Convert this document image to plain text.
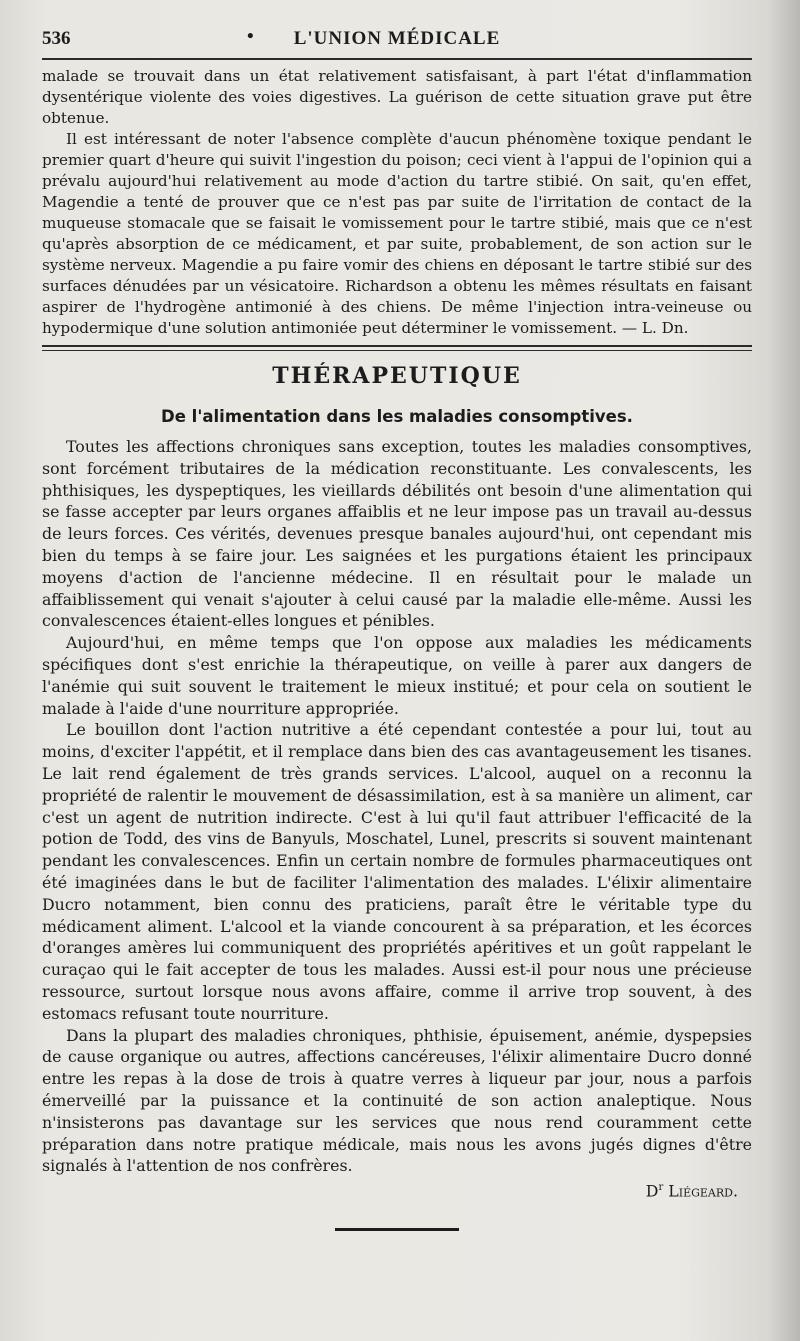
536	•	L'UNION MÉDICALE

malade se trouvait dans un état relativement satisfaisant, à part l'état d'inflammation dysentérique violente des voies digestives. La guérison de cette situation grave put être obtenue.

Il est intéressant de noter l'absence complète d'aucun phénomène toxique pendant le premier quart d'heure qui suivit l'ingestion du poison; ceci vient à l'appui de l'opinion qui a prévalu aujourd'hui relativement au mode d'action du tartre stibié. On sait, qu'en effet, Magendie a tenté de prouver que ce n'est pas par suite de l'irritation de contact de la muqueuse stomacale que se faisait le vomissement pour le tartre stibié, mais que ce n'est qu'après absorption de ce médicament, et par suite, probablement, de son action sur le système nerveux. Magendie a pu faire vomir des chiens en déposant le tartre stibié sur des surfaces dénudées par un vésicatoire. Richardson a obtenu les mêmes résultats en faisant aspirer de l'hydrogène antimonié à des chiens. De même l'injection intra-veineuse ou hypodermique d'une solution antimoniée peut déterminer le vomissement. — L. Dn.

THÉRAPEUTIQUE
De l'alimentation dans les maladies consomptives.

Toutes les affections chroniques sans exception, toutes les maladies consomptives, sont forcément tributaires de la médication reconstituante. Les convalescents, les phthisiques, les dyspeptiques, les vieillards débilités ont besoin d'une alimentation qui se fasse accepter par leurs organes affaiblis et ne leur impose pas un travail au-dessus de leurs forces. Ces vérités, devenues presque banales aujourd'hui, ont cependant mis bien du temps à se faire jour. Les saignées et les purgations étaient les principaux moyens d'action de l'ancienne médecine. Il en résultait pour le malade un affaiblissement qui venait s'ajouter à celui causé par la maladie elle-même. Aussi les convalescences étaient-elles longues et pénibles.

Aujourd'hui, en même temps que l'on oppose aux maladies les médicaments spécifiques dont s'est enrichie la thérapeutique, on veille à parer aux dangers de l'anémie qui suit souvent le traitement le mieux institué; et pour cela on soutient le malade à l'aide d'une nourriture appropriée.

Le bouillon dont l'action nutritive a été cependant contestée a pour lui, tout au moins, d'exciter l'appétit, et il remplace dans bien des cas avantageusement les tisanes. Le lait rend également de très grands services. L'alcool, auquel on a reconnu la propriété de ralentir le mouvement de désassimilation, est à sa manière un aliment, car c'est un agent de nutrition indirecte. C'est à lui qu'il faut attribuer l'efficacité de la potion de Todd, des vins de Banyuls, Moschatel, Lunel, prescrits si souvent maintenant pendant les convalescences. Enfin un certain nombre de formules pharmaceutiques ont été imaginées dans le but de faciliter l'alimentation des malades. L'élixir alimentaire Ducro notamment, bien connu des praticiens, paraît être le véritable type du médicament aliment. L'alcool et la viande concourent à sa préparation, et les écorces d'oranges amères lui communiquent des propriétés apéritives et un goût rappelant le curaçao qui le fait accepter de tous les malades. Aussi est-il pour nous une précieuse ressource, surtout lorsque nous avons affaire, comme il arrive trop souvent, à des estomacs refusant toute nourriture.

Dans la plupart des maladies chroniques, phthisie, épuisement, anémie, dyspepsies de cause organique ou autres, affections cancéreuses, l'élixir alimentaire Ducro donné entre les repas à la dose de trois à quatre verres à liqueur par jour, nous a parfois émerveillé par la puissance et la continuité de son action analeptique. Nous n'insisterons pas davantage sur les services que nous rend couramment cette préparation dans notre pratique médicale, mais nous les avons jugés dignes d'être signalés à l'attention de nos confrères.

$D^r$ Liégeard.
